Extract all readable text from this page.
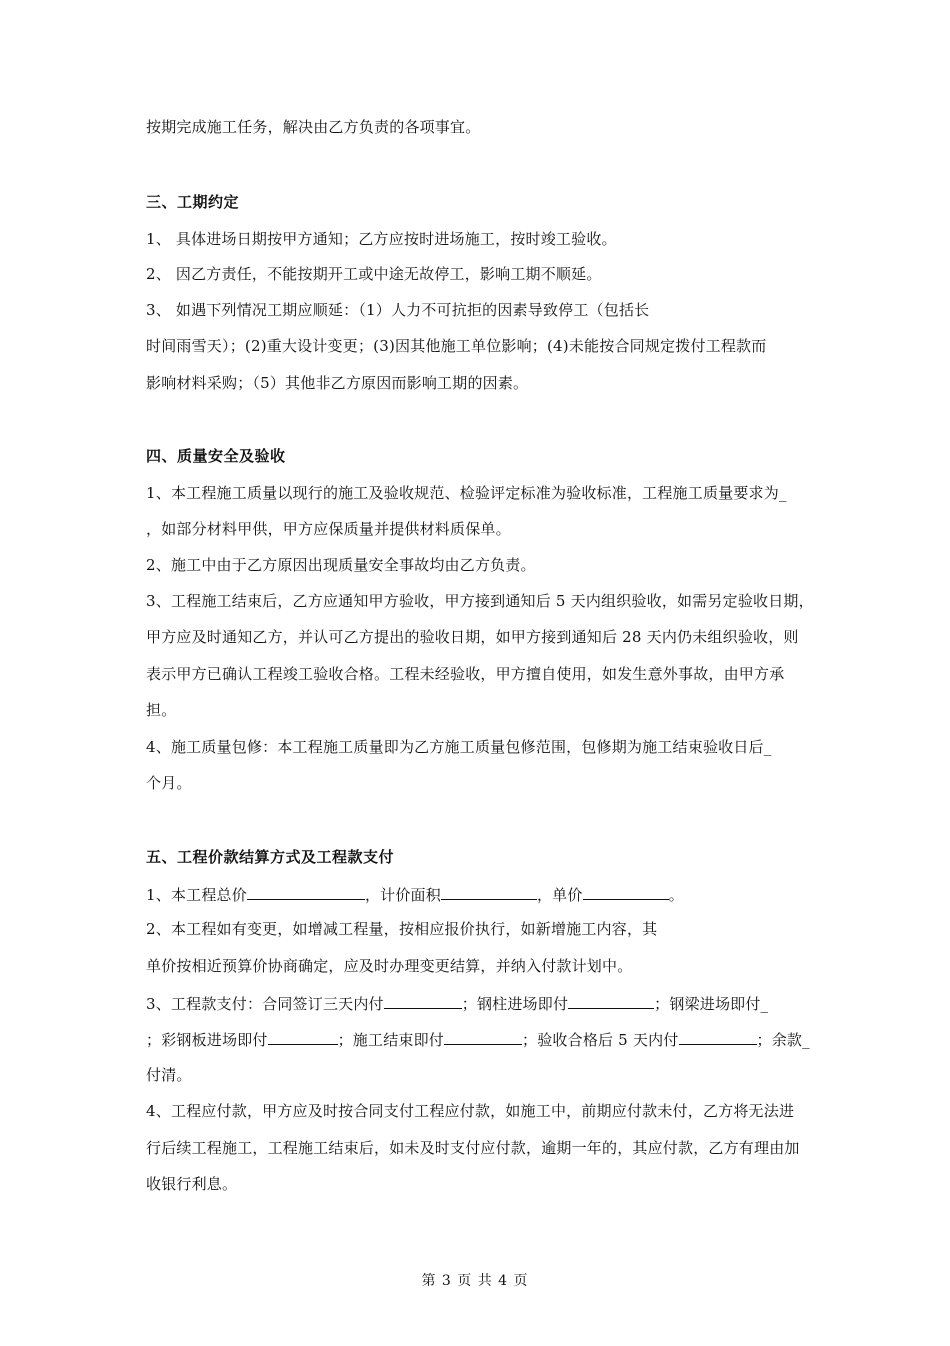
按期完成施工任务，解决由乙方负责的各项事宜。
三、工期约定
1、 具体进场日期按甲方通知；乙方应按时进场施工，按时竣工验收。
2、 因乙方责任，不能按期开工或中途无故停工，影响工期不顺延。
3、 如遇下列情况工期应顺延：（1）人力不可抗拒的因素导致停工（包括长
时间雨雪天）；(2)重大设计变更；(3)因其他施工单位影响；(4)未能按合同规定拨付工程款而
影响材料采购；（5）其他非乙方原因而影响工期的因素。
四、质量安全及验收
1、本工程施工质量以现行的施工及验收规范、检验评定标准为验收标准，工程施工质量要求为_
，如部分材料甲供，甲方应保质量并提供材料质保单。
2、施工中由于乙方原因出现质量安全事故均由乙方负责。
3、工程施工结束后，乙方应通知甲方验收，甲方接到通知后 5 天内组织验收，如需另定验收日期，
甲方应及时通知乙方，并认可乙方提出的验收日期，如甲方接到通知后 28 天内仍未组织验收，则
表示甲方已确认工程竣工验收合格。工程未经验收，甲方擅自使用，如发生意外事故，由甲方承
担。
4、施工质量包修：本工程施工质量即为乙方施工质量包修范围，包修期为施工结束验收日后_
个月。
五、工程价款结算方式及工程款支付
1、本工程总价	，计价面积	，单价	。
2、本工程如有变更，如增减工程量，按相应报价执行，如新增施工内容，其
单价按相近预算价协商确定，应及时办理变更结算，并纳入付款计划中。
3、工程款支付：合同签订三天内付	；钢柱进场即付	；钢梁进场即付_
；彩钢板进场即付	；施工结束即付	；验收合格后 5 天内付	；余款_
付清。
4、工程应付款，甲方应及时按合同支付工程应付款，如施工中，前期应付款未付，乙方将无法进
行后续工程施工，工程施工结束后，如未及时支付应付款，逾期一年的，其应付款，乙方有理由加
收银行利息。
第 3 页 共 4 页
